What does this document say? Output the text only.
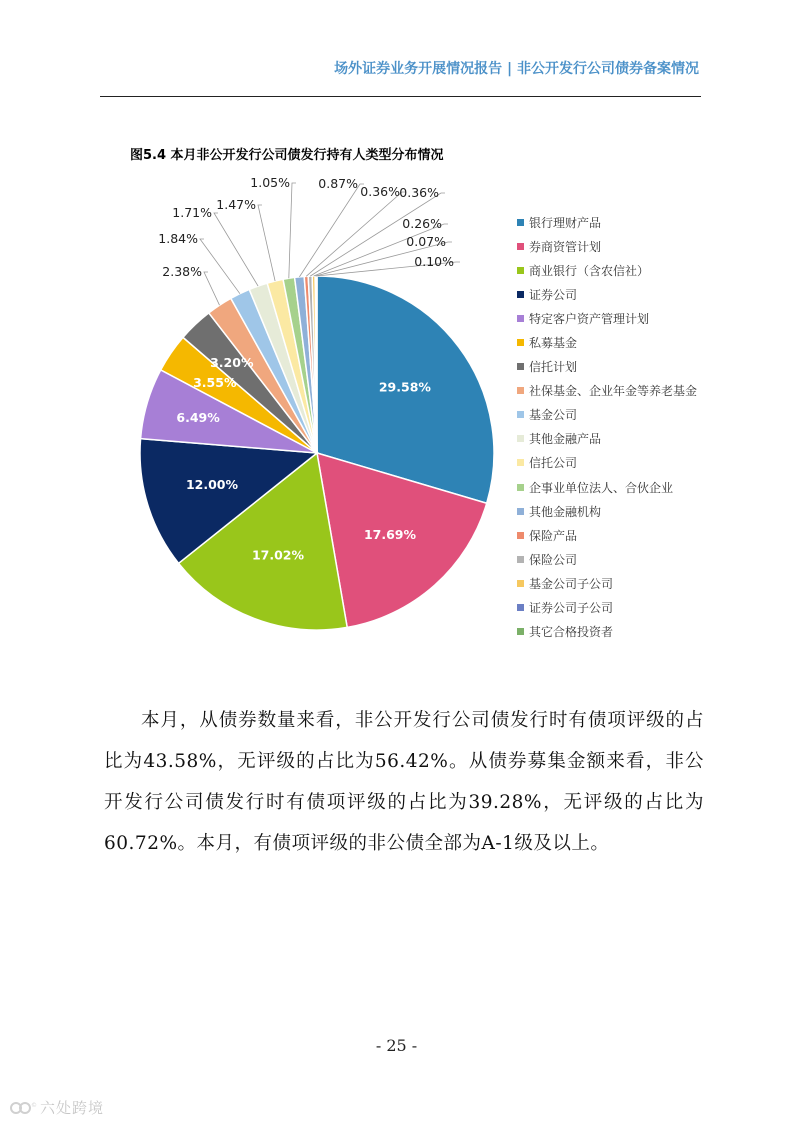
场外证券业务开展情况报告 | 非公开发行公司债券备案情况
图5.4 本月非公开发行公司债发行持有人类型分布情况
29.58%
17.69%
17.02%
12.00%
6.49%
3.55%
3.20%
2.38%
1.84%
1.71%
1.47%
1.05% 0.87%
0.36% 0.36%
0.26%
0.07%
0.10%
银行理财产品
券商资管计划
商业银行（含农信社）
证券公司
特定客户资产管理计划
私募基金
信托计划
社保基金、企业年金等养老基金
基金公司
其他金融产品
信托公司
企事业单位法人、合伙企业
其他金融机构
保险产品
保险公司
基金公司子公司
证券公司子公司
其它合格投资者

本月，从债券数量来看，非公开发行公司债发行时有债项评级的占比为43.58%，无评级的占比为56.42%。从债券募集金额来看，非公开发行公司债发行时有债项评级的占比为39.28%，无评级的占比为60.72%。本月，有债项评级的非公债全部为A-1级及以上。

- 25 -
© 六处跨境
